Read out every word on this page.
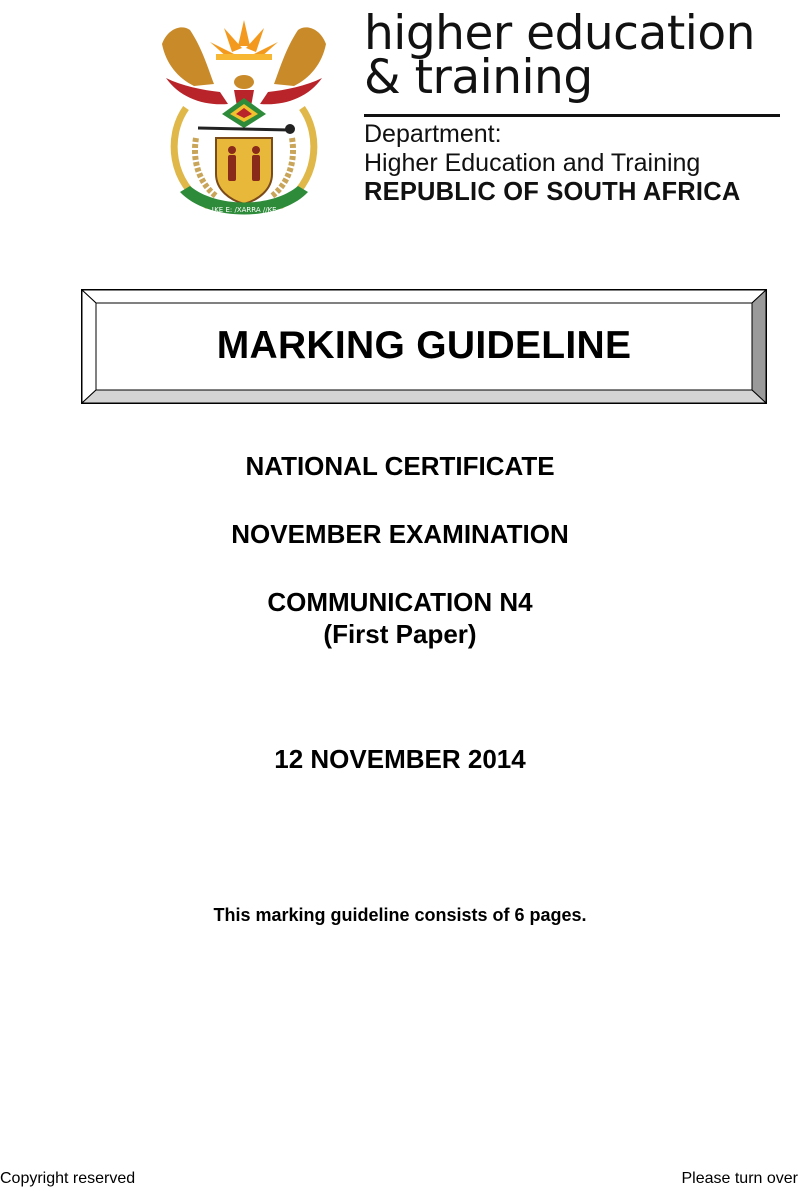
!KE E: /XARRA //KE
higher education
& training
Department:
Higher Education and Training
REPUBLIC OF SOUTH AFRICA
MARKING GUIDELINE
NATIONAL CERTIFICATE
NOVEMBER EXAMINATION
COMMUNICATION N4
(First Paper)
12 NOVEMBER 2014
This marking guideline consists of 6 pages.
Copyright reserved	Please turn over
